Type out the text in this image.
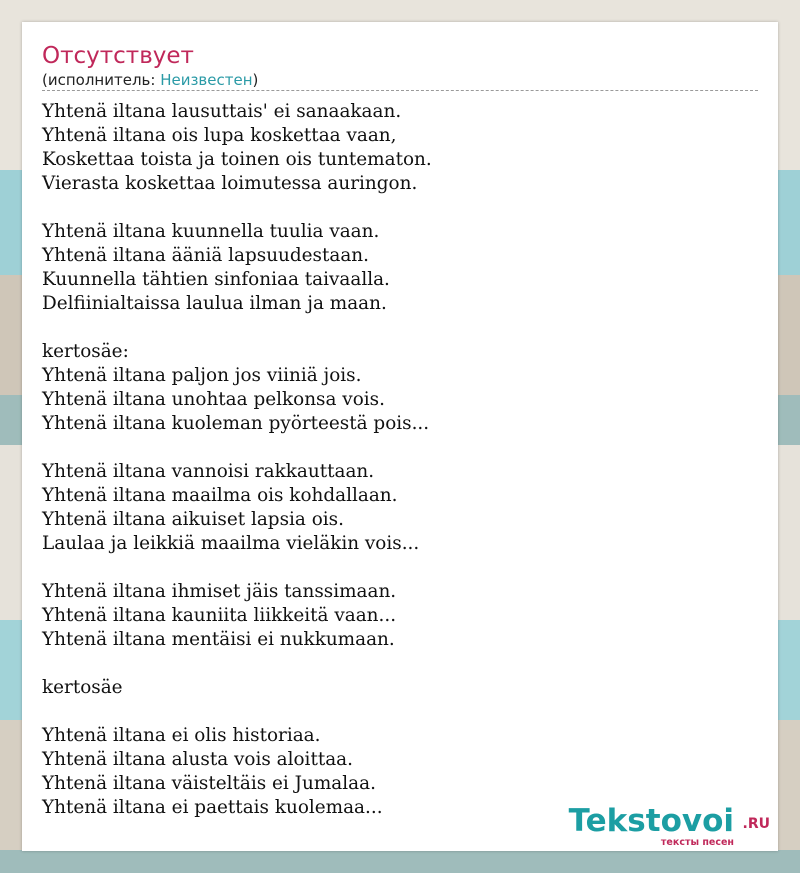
Отсутствует
(исполнитель: Неизвестен)
Yhtenä iltana lausuttais' ei sanaakaan.
Yhtenä iltana ois lupa koskettaa vaan,
Koskettaa toista ja toinen ois tuntematon.
Vierasta koskettaa loimutessa auringon.
Yhtenä iltana kuunnella tuulia vaan.
Yhtenä iltana ääniä lapsuudestaan.
Kuunnella tähtien sinfoniaa taivaalla.
Delfiinialtaissa laulua ilman ja maan.
kertosäe:
Yhtenä iltana paljon jos viiniä jois.
Yhtenä iltana unohtaa pelkonsa vois.
Yhtenä iltana kuoleman pyörteestä pois...
Yhtenä iltana vannoisi rakkauttaan.
Yhtenä iltana maailma ois kohdallaan.
Yhtenä iltana aikuiset lapsia ois.
Laulaa ja leikkiä maailma vieläkin vois...
Yhtenä iltana ihmiset jäis tanssimaan.
Yhtenä iltana kauniita liikkeitä vaan...
Yhtenä iltana mentäisi ei nukkumaan.
kertosäe
Yhtenä iltana ei olis historiaa.
Yhtenä iltana alusta vois aloittaa.
Yhtenä iltana väisteltäis ei Jumalaa.
Yhtenä iltana ei paettais kuolemaa...	Tekstovoi .RU
тексты песен
